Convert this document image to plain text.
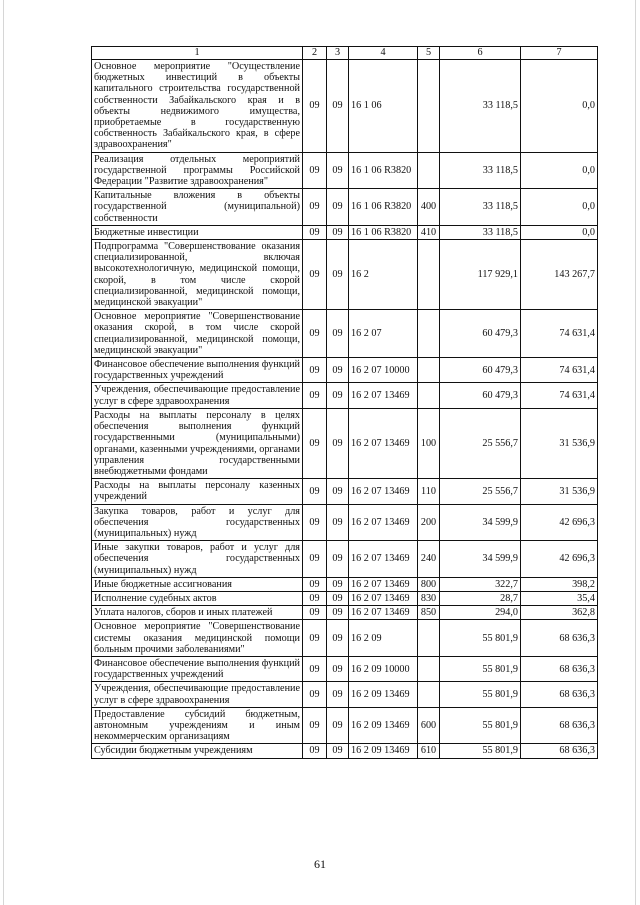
1	2	3	4	5	6	7
Основное мероприятие "Осуществление бюджетных инвестиций в объекты капитального строительства государственной собственности Забайкальского края и в объекты недвижимого имущества, приобретаемые в государственную собственность Забайкальского края, в сфере здравоохранения"	09	09	16 1 06		33 118,5	0,0
Реализация отдельных мероприятий государственной программы Российской Федерации "Развитие здравоохранения"	09	09	16 1 06 R3820		33 118,5	0,0
Капитальные вложения в объекты государственной (муниципальной) собственности	09	09	16 1 06 R3820	400	33 118,5	0,0
Бюджетные инвестиции	09	09	16 1 06 R3820	410	33 118,5	0,0
Подпрограмма "Совершенствование оказания специализированной, включая высокотехнологичную, медицинской помощи, скорой, в том числе скорой специализированной, медицинской помощи, медицинской эвакуации"	09	09	16 2		117 929,1	143 267,7
Основное мероприятие "Совершенствование оказания скорой, в том числе скорой специализированной, медицинской помощи, медицинской эвакуации"	09	09	16 2 07		60 479,3	74 631,4
Финансовое обеспечение выполнения функций государственных учреждений	09	09	16 2 07 10000		60 479,3	74 631,4
Учреждения, обеспечивающие предоставление услуг в сфере здравоохранения	09	09	16 2 07 13469		60 479,3	74 631,4
Расходы на выплаты персоналу в целях обеспечения выполнения функций государственными (муниципальными) органами, казенными учреждениями, органами управления государственными внебюджетными фондами	09	09	16 2 07 13469	100	25 556,7	31 536,9
Расходы на выплаты персоналу казенных учреждений	09	09	16 2 07 13469	110	25 556,7	31 536,9
Закупка товаров, работ и услуг для обеспечения государственных (муниципальных) нужд	09	09	16 2 07 13469	200	34 599,9	42 696,3
Иные закупки товаров, работ и услуг для обеспечения государственных (муниципальных) нужд	09	09	16 2 07 13469	240	34 599,9	42 696,3
Иные бюджетные ассигнования	09	09	16 2 07 13469	800	322,7	398,2
Исполнение судебных актов	09	09	16 2 07 13469	830	28,7	35,4
Уплата налогов, сборов и иных платежей	09	09	16 2 07 13469	850	294,0	362,8
Основное мероприятие "Совершенствование системы оказания медицинской помощи больным прочими заболеваниями"	09	09	16 2 09		55 801,9	68 636,3
Финансовое обеспечение выполнения функций государственных учреждений	09	09	16 2 09 10000		55 801,9	68 636,3
Учреждения, обеспечивающие предоставление услуг в сфере здравоохранения	09	09	16 2 09 13469		55 801,9	68 636,3
Предоставление субсидий бюджетным, автономным учреждениям и иным некоммерческим организациям	09	09	16 2 09 13469	600	55 801,9	68 636,3
Субсидии бюджетным учреждениям	09	09	16 2 09 13469	610	55 801,9	68 636,3
61
